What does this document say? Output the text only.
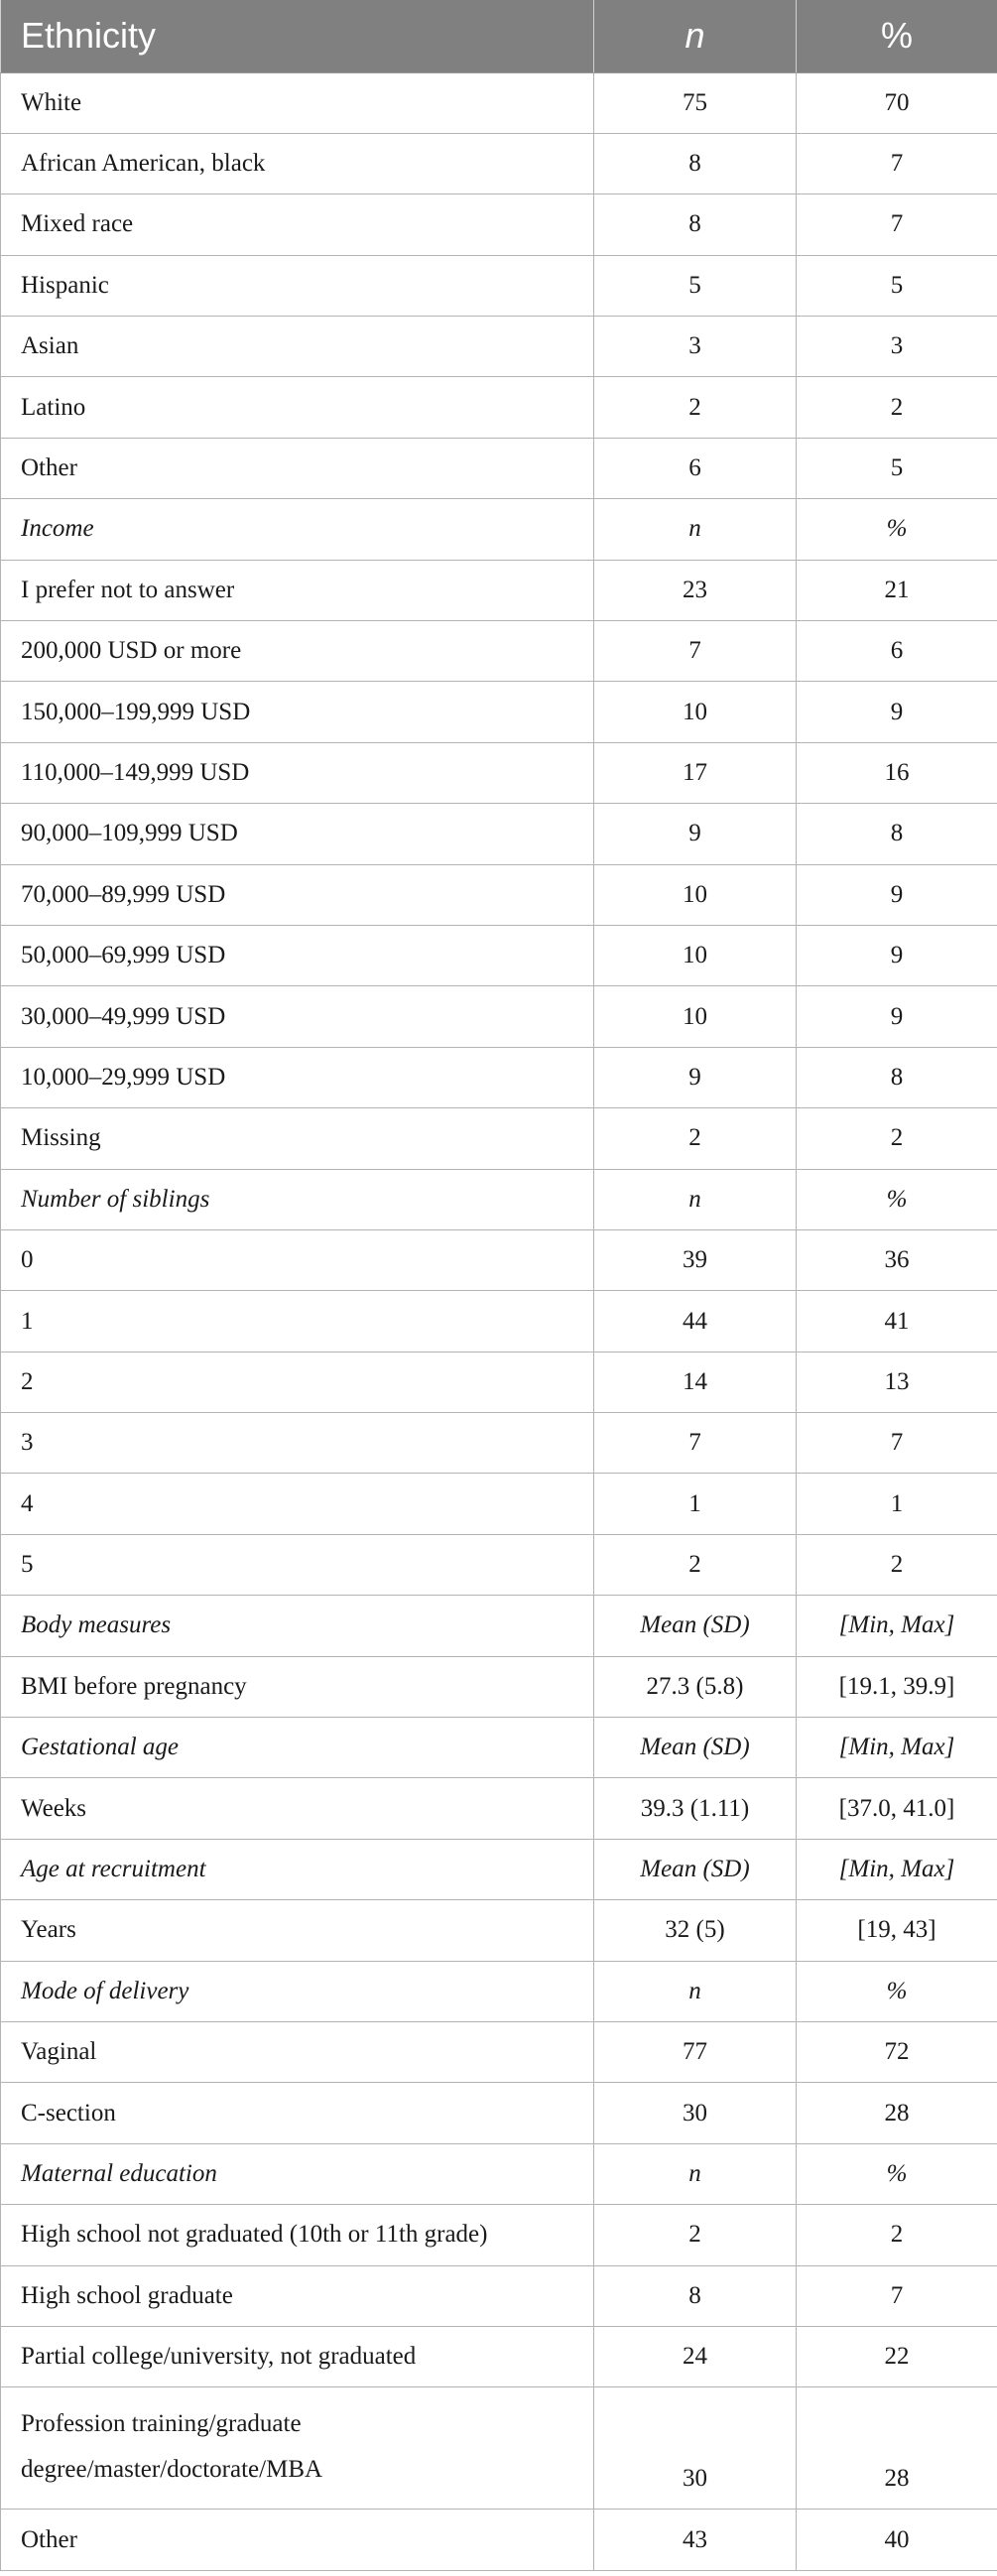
Ethnicity	n	%
White	75	70
African American, black	8	7
Mixed race	8	7
Hispanic	5	5
Asian	3	3
Latino	2	2
Other	6	5
Income	n	%
I prefer not to answer	23	21
200,000 USD or more	7	6
150,000–199,999 USD	10	9
110,000–149,999 USD	17	16
90,000–109,999 USD	9	8
70,000–89,999 USD	10	9
50,000–69,999 USD	10	9
30,000–49,999 USD	10	9
10,000–29,999 USD	9	8
Missing	2	2
Number of siblings	n	%
0	39	36
1	44	41
2	14	13
3	7	7
4	1	1
5	2	2
Body measures	Mean (SD)	[Min, Max]
BMI before pregnancy	27.3 (5.8)	[19.1, 39.9]
Gestational age	Mean (SD)	[Min, Max]
Weeks	39.3 (1.11)	[37.0, 41.0]
Age at recruitment	Mean (SD)	[Min, Max]
Years	32 (5)	[19, 43]
Mode of delivery	n	%
Vaginal	77	72
C-section	30	28
Maternal education	n	%
High school not graduated (10th or 11th grade)	2	2
High school graduate	8	7
Partial college/university, not graduated	24	22
Profession training/graduate degree/master/doctorate/MBA	30	28
Other	43	40
